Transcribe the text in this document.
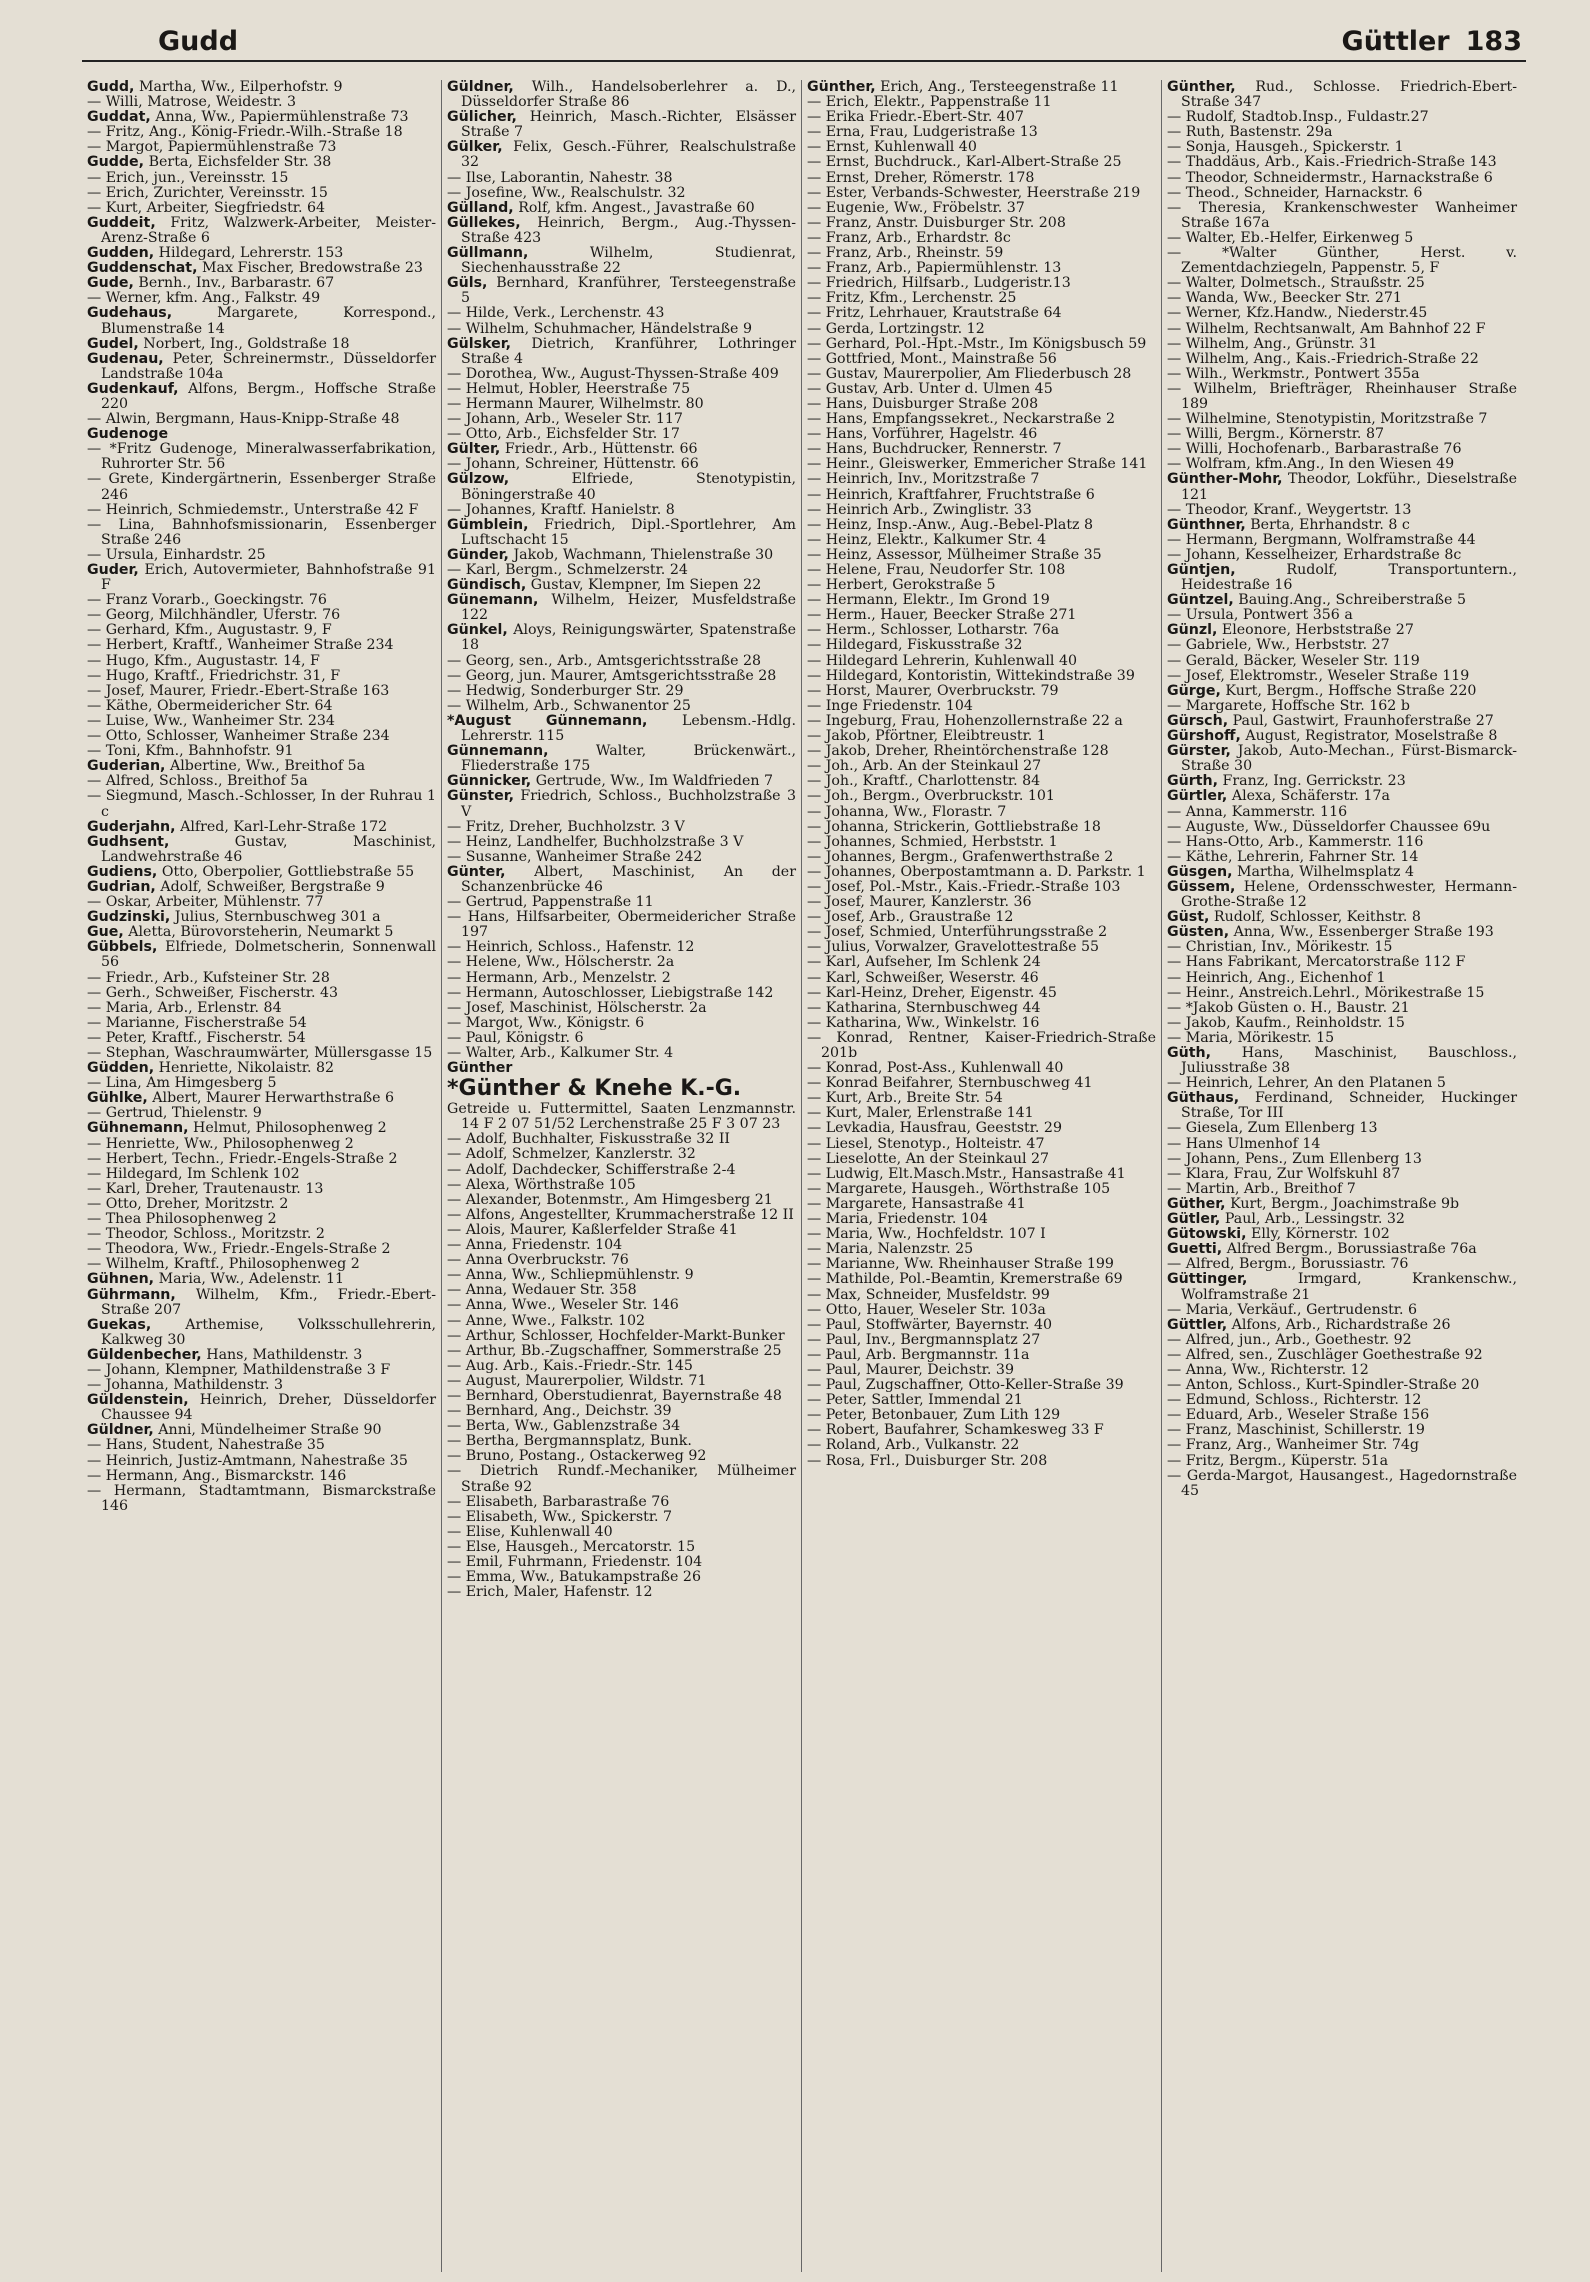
Gudd	Güttler 183
Gudd, Martha, Ww., Eilperhofstr. 9
— Willi, Matrose, Weidestr. 3
Guddat, Anna, Ww., Papiermühlenstraße 73
— Fritz, Ang., König-Friedr.-Wilh.-Straße 18
— Margot, Papiermühlenstraße 73
Gudde, Berta, Eichsfelder Str. 38
— Erich, jun., Vereinsstr. 15
— Erich, Zurichter, Vereinsstr. 15
— Kurt, Arbeiter, Siegfriedstr. 64
Guddeit, Fritz, Walzwerk-Arbeiter, Meister-Arenz-Straße 6
Gudden, Hildegard, Lehrerstr. 153
Guddenschat, Max Fischer, Bredowstraße 23
Gude, Bernh., Inv., Barbarastr. 67
— Werner, kfm. Ang., Falkstr. 49
Gudehaus, Margarete, Korrespond., Blumenstraße 14
Gudel, Norbert, Ing., Goldstraße 18
Gudenau, Peter, Schreinermstr., Düsseldorfer Landstraße 104a
Gudenkauf, Alfons, Bergm., Hoffsche Straße 220
— Alwin, Bergmann, Haus-Knipp-Straße 48
Gudenoge
— *Fritz Gudenoge, Mineralwasserfabrikation, Ruhrorter Str. 56
— Grete, Kindergärtnerin, Essenberger Straße 246
— Heinrich, Schmiedemstr., Unterstraße 42 F
— Lina, Bahnhofsmissionarin, Essenberger Straße 246
— Ursula, Einhardstr. 25
Guder, Erich, Autovermieter, Bahnhofstraße 91 F
— Franz Vorarb., Goeckingstr. 76
— Georg, Milchhändler, Uferstr. 76
— Gerhard, Kfm., Augustastr. 9, F
— Herbert, Kraftf., Wanheimer Straße 234
— Hugo, Kfm., Augustastr. 14, F
— Hugo, Kraftf., Friedrichstr. 31, F
— Josef, Maurer, Friedr.-Ebert-Straße 163
— Käthe, Obermeidericher Str. 64
— Luise, Ww., Wanheimer Str. 234
— Otto, Schlosser, Wanheimer Straße 234
— Toni, Kfm., Bahnhofstr. 91
Guderian, Albertine, Ww., Breithof 5a
— Alfred, Schloss., Breithof 5a
— Siegmund, Masch.-Schlosser, In der Ruhrau 1 c
Guderjahn, Alfred, Karl-Lehr-Straße 172
Gudhsent, Gustav, Maschinist, Landwehrstraße 46
Gudiens, Otto, Oberpolier, Gottliebstraße 55
Gudrian, Adolf, Schweißer, Bergstraße 9
— Oskar, Arbeiter, Mühlenstr. 77
Gudzinski, Julius, Sternbuschweg 301 a
Gue, Aletta, Bürovorsteherin, Neumarkt 5
Gübbels, Elfriede, Dolmetscherin, Sonnenwall 56
— Friedr., Arb., Kufsteiner Str. 28
— Gerh., Schweißer, Fischerstr. 43
— Maria, Arb., Erlenstr. 84
— Marianne, Fischerstraße 54
— Peter, Kraftf., Fischerstr. 54
— Stephan, Waschraumwärter, Müllersgasse 15
Güdden, Henriette, Nikolaistr. 82
— Lina, Am Himgesberg 5
Gühlke, Albert, Maurer Herwarthstraße 6
— Gertrud, Thielenstr. 9
Gühnemann, Helmut, Philosophenweg 2
— Henriette, Ww., Philosophenweg 2
— Herbert, Techn., Friedr.-Engels-Straße 2
— Hildegard, Im Schlenk 102
— Karl, Dreher, Trautenaustr. 13
— Otto, Dreher, Moritzstr. 2
— Thea Philosophenweg 2
— Theodor, Schloss., Moritzstr. 2
— Theodora, Ww., Friedr.-Engels-Straße 2
— Wilhelm, Kraftf., Philosophenweg 2
Gühnen, Maria, Ww., Adelenstr. 11
Gührmann, Wilhelm, Kfm., Friedr.-Ebert-Straße 207
Guekas, Arthemise, Volksschullehrerin, Kalkweg 30
Güldenbecher, Hans, Mathildenstr. 3
— Johann, Klempner, Mathildenstraße 3 F
— Johanna, Mathildenstr. 3
Güldenstein, Heinrich, Dreher, Düsseldorfer Chaussee 94
Güldner, Anni, Mündelheimer Straße 90
— Hans, Student, Nahestraße 35
— Heinrich, Justiz-Amtmann, Nahestraße 35
— Hermann, Ang., Bismarckstr. 146
— Hermann, Stadtamtmann, Bismarckstraße 146
Güldner, Wilh., Handelsoberlehrer a. D., Düsseldorfer Straße 86
Gülicher, Heinrich, Masch.-Richter, Elsässer Straße 7
Gülker, Felix, Gesch.-Führer, Realschulstraße 32
— Ilse, Laborantin, Nahestr. 38
— Josefine, Ww., Realschulstr. 32
Gülland, Rolf, kfm. Angest., Javastraße 60
Güllekes, Heinrich, Bergm., Aug.-Thyssen-Straße 423
Güllmann, Wilhelm, Studienrat, Siechenhausstraße 22
Güls, Bernhard, Kranführer, Tersteegenstraße 5
— Hilde, Verk., Lerchenstr. 43
— Wilhelm, Schuhmacher, Händelstraße 9
Gülsker, Dietrich, Kranführer, Lothringer Straße 4
— Dorothea, Ww., August-Thyssen-Straße 409
— Helmut, Hobler, Heerstraße 75
— Hermann Maurer, Wilhelmstr. 80
— Johann, Arb., Weseler Str. 117
— Otto, Arb., Eichsfelder Str. 17
Gülter, Friedr., Arb., Hüttenstr. 66
— Johann, Schreiner, Hüttenstr. 66
Gülzow, Elfriede, Stenotypistin, Böningerstraße 40
— Johannes, Kraftf. Hanielstr. 8
Gümblein, Friedrich, Dipl.-Sportlehrer, Am Luftschacht 15
Günder, Jakob, Wachmann, Thielenstraße 30
— Karl, Bergm., Schmelzerstr. 24
Gündisch, Gustav, Klempner, Im Siepen 22
Günemann, Wilhelm, Heizer, Musfeldstraße 122
Günkel, Aloys, Reinigungswärter, Spatenstraße 18
— Georg, sen., Arb., Amtsgerichtsstraße 28
— Georg, jun. Maurer, Amtsgerichtsstraße 28
— Hedwig, Sonderburger Str. 29
— Wilhelm, Arb., Schwanentor 25
*August Günnemann, Lebensm.-Hdlg. Lehrerstr. 115
Günnemann, Walter, Brückenwärt., Fliederstraße 175
Günnicker, Gertrude, Ww., Im Waldfrieden 7
Günster, Friedrich, Schloss., Buchholzstraße 3 V
— Fritz, Dreher, Buchholzstr. 3 V
— Heinz, Landhelfer, Buchholzstraße 3 V
— Susanne, Wanheimer Straße 242
Günter, Albert, Maschinist, An der Schanzenbrücke 46
— Gertrud, Pappenstraße 11
— Hans, Hilfsarbeiter, Obermeidericher Straße 197
— Heinrich, Schloss., Hafenstr. 12
— Helene, Ww., Hölscherstr. 2a
— Hermann, Arb., Menzelstr. 2
— Hermann, Autoschlosser, Liebigstraße 142
— Josef, Maschinist, Hölscherstr. 2a
— Margot, Ww., Königstr. 6
— Paul, Königstr. 6
— Walter, Arb., Kalkumer Str. 4
Günther
*Günther & Knehe K.-G.
Getreide u. Futtermittel, Saaten Lenzmannstr. 14 F 2 07 51/52 Lerchenstraße 25 F 3 07 23
— Adolf, Buchhalter, Fiskusstraße 32 II
— Adolf, Schmelzer, Kanzlerstr. 32
— Adolf, Dachdecker, Schifferstraße 2-4
— Alexa, Wörthstraße 105
— Alexander, Botenmstr., Am Himgesberg 21
— Alfons, Angestellter, Krummacherstraße 12 II
— Alois, Maurer, Kaßlerfelder Straße 41
— Anna, Friedenstr. 104
— Anna Overbruckstr. 76
— Anna, Ww., Schliepmühlenstr. 9
— Anna, Wedauer Str. 358
— Anna, Wwe., Weseler Str. 146
— Anne, Wwe., Falkstr. 102
— Arthur, Schlosser, Hochfelder-Markt-Bunker
— Arthur, Bb.-Zugschaffner, Sommerstraße 25
— Aug. Arb., Kais.-Friedr.-Str. 145
— August, Maurerpolier, Wildstr. 71
— Bernhard, Oberstudienrat, Bayernstraße 48
— Bernhard, Ang., Deichstr. 39
— Berta, Ww., Gablenzstraße 34
— Bertha, Bergmannsplatz, Bunk.
— Bruno, Postang., Ostackerweg 92
— Dietrich Rundf.-Mechaniker, Mülheimer Straße 92
— Elisabeth, Barbarastraße 76
— Elisabeth, Ww., Spickerstr. 7
— Elise, Kuhlenwall 40
— Else, Hausgeh., Mercatorstr. 15
— Emil, Fuhrmann, Friedenstr. 104
— Emma, Ww., Batukampstraße 26
— Erich, Maler, Hafenstr. 12
Günther, Erich, Ang., Tersteegenstraße 11
— Erich, Elektr., Pappenstraße 11
— Erika Friedr.-Ebert-Str. 407
— Erna, Frau, Ludgeristraße 13
— Ernst, Kuhlenwall 40
— Ernst, Buchdruck., Karl-Albert-Straße 25
— Ernst, Dreher, Römerstr. 178
— Ester, Verbands-Schwester, Heerstraße 219
— Eugenie, Ww., Fröbelstr. 37
— Franz, Anstr. Duisburger Str. 208
— Franz, Arb., Erhardstr. 8c
— Franz, Arb., Rheinstr. 59
— Franz, Arb., Papiermühlenstr. 13
— Friedrich, Hilfsarb., Ludgeristr.13
— Fritz, Kfm., Lerchenstr. 25
— Fritz, Lehrhauer, Krautstraße 64
— Gerda, Lortzingstr. 12
— Gerhard, Pol.-Hpt.-Mstr., Im Königsbusch 59
— Gottfried, Mont., Mainstraße 56
— Gustav, Maurerpolier, Am Fliederbusch 28
— Gustav, Arb. Unter d. Ulmen 45
— Hans, Duisburger Straße 208
— Hans, Empfangssekret., Neckarstraße 2
— Hans, Vorführer, Hagelstr. 46
— Hans, Buchdrucker, Rennerstr. 7
— Heinr., Gleiswerker, Emmericher Straße 141
— Heinrich, Inv., Moritzstraße 7
— Heinrich, Kraftfahrer, Fruchtstraße 6
— Heinrich Arb., Zwinglistr. 33
— Heinz, Insp.-Anw., Aug.-Bebel-Platz 8
— Heinz, Elektr., Kalkumer Str. 4
— Heinz, Assessor, Mülheimer Straße 35
— Helene, Frau, Neudorfer Str. 108
— Herbert, Gerokstraße 5
— Hermann, Elektr., Im Grond 19
— Herm., Hauer, Beecker Straße 271
— Herm., Schlosser, Lotharstr. 76a
— Hildegard, Fiskusstraße 32
— Hildegard Lehrerin, Kuhlenwall 40
— Hildegard, Kontoristin, Wittekindstraße 39
— Horst, Maurer, Overbruckstr. 79
— Inge Friedenstr. 104
— Ingeburg, Frau, Hohenzollernstraße 22 a
— Jakob, Pförtner, Eleibtreustr. 1
— Jakob, Dreher, Rheintörchenstraße 128
— Joh., Arb. An der Steinkaul 27
— Joh., Kraftf., Charlottenstr. 84
— Joh., Bergm., Overbruckstr. 101
— Johanna, Ww., Florastr. 7
— Johanna, Strickerin, Gottliebstraße 18
— Johannes, Schmied, Herbststr. 1
— Johannes, Bergm., Grafenwerthstraße 2
— Johannes, Oberpostamtmann a. D. Parkstr. 1
— Josef, Pol.-Mstr., Kais.-Friedr.-Straße 103
— Josef, Maurer, Kanzlerstr. 36
— Josef, Arb., Graustraße 12
— Josef, Schmied, Unterführungsstraße 2
— Julius, Vorwalzer, Gravelottestraße 55
— Karl, Aufseher, Im Schlenk 24
— Karl, Schweißer, Weserstr. 46
— Karl-Heinz, Dreher, Eigenstr. 45
— Katharina, Sternbuschweg 44
— Katharina, Ww., Winkelstr. 16
— Konrad, Rentner, Kaiser-Friedrich-Straße 201b
— Konrad, Post-Ass., Kuhlenwall 40
— Konrad Beifahrer, Sternbuschweg 41
— Kurt, Arb., Breite Str. 54
— Kurt, Maler, Erlenstraße 141
— Levkadia, Hausfrau, Geeststr. 29
— Liesel, Stenotyp., Holteistr. 47
— Lieselotte, An der Steinkaul 27
— Ludwig, Elt.Masch.Mstr., Hansastraße 41
— Margarete, Hausgeh., Wörthstraße 105
— Margarete, Hansastraße 41
— Maria, Friedenstr. 104
— Maria, Ww., Hochfeldstr. 107 I
— Maria, Nalenzstr. 25
— Marianne, Ww. Rheinhauser Straße 199
— Mathilde, Pol.-Beamtin, Kremerstraße 69
— Max, Schneider, Musfeldstr. 99
— Otto, Hauer, Weseler Str. 103a
— Paul, Stoffwärter, Bayernstr. 40
— Paul, Inv., Bergmannsplatz 27
— Paul, Arb. Bergmannstr. 11a
— Paul, Maurer, Deichstr. 39
— Paul, Zugschaffner, Otto-Keller-Straße 39
— Peter, Sattler, Immendal 21
— Peter, Betonbauer, Zum Lith 129
— Robert, Baufahrer, Schamkesweg 33 F
— Roland, Arb., Vulkanstr. 22
— Rosa, Frl., Duisburger Str. 208
Günther, Rud., Schlosse. Friedrich-Ebert-Straße 347
— Rudolf, Stadtob.Insp., Fuldastr.27
— Ruth, Bastenstr. 29a
— Sonja, Hausgeh., Spickerstr. 1
— Thaddäus, Arb., Kais.-Friedrich-Straße 143
— Theodor, Schneidermstr., Harnackstraße 6
— Theod., Schneider, Harnackstr. 6
— Theresia, Krankenschwester Wanheimer Straße 167a
— Walter, Eb.-Helfer, Eirkenweg 5
— *Walter Günther, Herst. v. Zementdachziegeln, Pappenstr. 5, F
— Walter, Dolmetsch., Straußstr. 25
— Wanda, Ww., Beecker Str. 271
— Werner, Kfz.Handw., Niederstr.45
— Wilhelm, Rechtsanwalt, Am Bahnhof 22 F
— Wilhelm, Ang., Grünstr. 31
— Wilhelm, Ang., Kais.-Friedrich-Straße 22
— Wilh., Werkmstr., Pontwert 355a
— Wilhelm, Briefträger, Rheinhauser Straße 189
— Wilhelmine, Stenotypistin, Moritzstraße 7
— Willi, Bergm., Körnerstr. 87
— Willi, Hochofenarb., Barbarastraße 76
— Wolfram, kfm.Ang., In den Wiesen 49
Günther-Mohr, Theodor, Lokführ., Dieselstraße 121
— Theodor, Kranf., Weygertstr. 13
Günthner, Berta, Ehrhandstr. 8 c
— Hermann, Bergmann, Wolframstraße 44
— Johann, Kesselheizer, Erhardstraße 8c
Güntjen, Rudolf, Transportuntern., Heidestraße 16
Güntzel, Bauing.Ang., Schreiberstraße 5
— Ursula, Pontwert 356 a
Günzl, Eleonore, Herbststraße 27
— Gabriele, Ww., Herbststr. 27
— Gerald, Bäcker, Weseler Str. 119
— Josef, Elektromstr., Weseler Straße 119
Gürge, Kurt, Bergm., Hoffsche Straße 220
— Margarete, Hoffsche Str. 162 b
Gürsch, Paul, Gastwirt, Fraunhoferstraße 27
Gürshoff, August, Registrator, Moselstraße 8
Gürster, Jakob, Auto-Mechan., Fürst-Bismarck-Straße 30
Gürth, Franz, Ing. Gerrickstr. 23
Gürtler, Alexa, Schäferstr. 17a
— Anna, Kammerstr. 116
— Auguste, Ww., Düsseldorfer Chaussee 69u
— Hans-Otto, Arb., Kammerstr. 116
— Käthe, Lehrerin, Fahrner Str. 14
Güsgen, Martha, Wilhelmsplatz 4
Güssem, Helene, Ordensschwester, Hermann-Grothe-Straße 12
Güst, Rudolf, Schlosser, Keithstr. 8
Güsten, Anna, Ww., Essenberger Straße 193
— Christian, Inv., Mörikestr. 15
— Hans Fabrikant, Mercatorstraße 112 F
— Heinrich, Ang., Eichenhof 1
— Heinr., Anstreich.Lehrl., Mörikestraße 15
— *Jakob Güsten o. H., Baustr. 21
— Jakob, Kaufm., Reinholdstr. 15
— Maria, Mörikestr. 15
Güth, Hans, Maschinist, Bauschloss., Juliusstraße 38
— Heinrich, Lehrer, An den Platanen 5
Güthaus, Ferdinand, Schneider, Huckinger Straße, Tor III
— Giesela, Zum Ellenberg 13
— Hans Ulmenhof 14
— Johann, Pens., Zum Ellenberg 13
— Klara, Frau, Zur Wolfskuhl 87
— Martin, Arb., Breithof 7
Güther, Kurt, Bergm., Joachimstraße 9b
Gütler, Paul, Arb., Lessingstr. 32
Gütowski, Elly, Körnerstr. 102
Guetti, Alfred Bergm., Borussiastraße 76a
— Alfred, Bergm., Borussiastr. 76
Güttinger, Irmgard, Krankenschw., Wolframstraße 21
— Maria, Verkäuf., Gertrudenstr. 6
Güttler, Alfons, Arb., Richardstraße 26
— Alfred, jun., Arb., Goethestr. 92
— Alfred, sen., Zuschläger Goethestraße 92
— Anna, Ww., Richterstr. 12
— Anton, Schloss., Kurt-Spindler-Straße 20
— Edmund, Schloss., Richterstr. 12
— Eduard, Arb., Weseler Straße 156
— Franz, Maschinist, Schillerstr. 19
— Franz, Arg., Wanheimer Str. 74g
— Fritz, Bergm., Küperstr. 51a
— Gerda-Margot, Hausangest., Hagedornstraße 45
